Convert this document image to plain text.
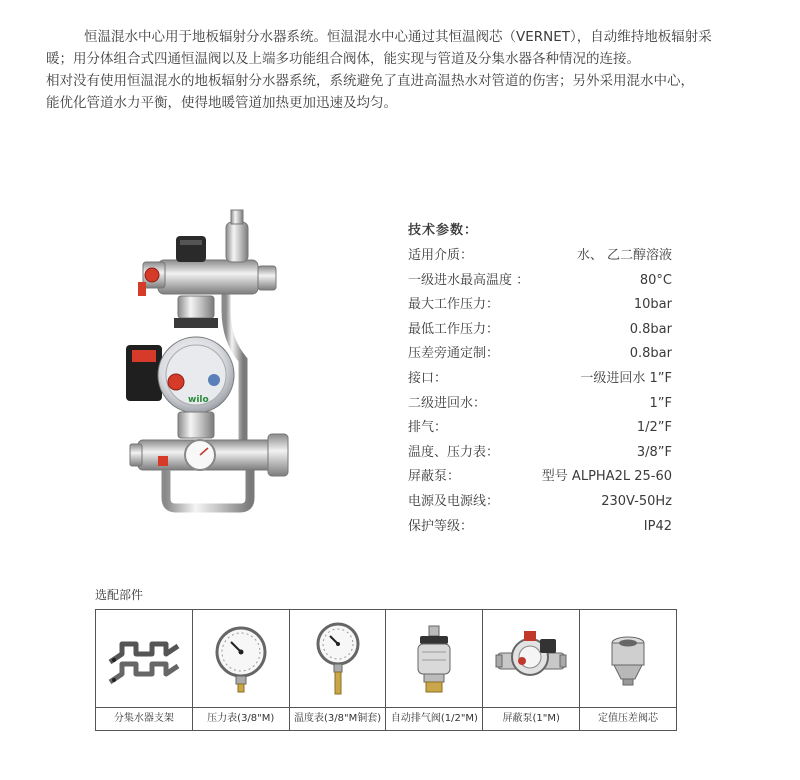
恒温混水中心用于地板辐射分水器系统。恒温混水中心通过其恒温阀芯（VERNET），自动维持地板辐射采

暖；用分体组合式四通恒温阀以及上端多功能组合阀体，能实现与管道及分集水器各种情况的连接。

相对没有使用恒温混水的地板辐射分水器系统，系统避免了直进高温热水对管道的伤害；另外采用混水中心，

能优化管道水力平衡，使得地暖管道加热更加迅速及均匀。

wilo
技术参数：
适用介质：	水、 乙二醇溶液
一级进水最高温度 ：	80°C
最大工作压力：	10bar
最低工作压力：	0.8bar
压差旁通定制：	0.8bar
接口：	一级进回水 1”F
二级进回水：	1”F
排气：	1/2”F
温度、压力表：	3/8”F
屏蔽泵：	型号 ALPHA2L 25-60
电源及电源线：	230V-50Hz
保护等级：	IP42
选配部件
分集水器支架	压力表(3/8"M)	温度表(3/8"M铜套) 自动排气阀(1/2"M)	屏蔽泵(1"M)	定值压差阀芯
